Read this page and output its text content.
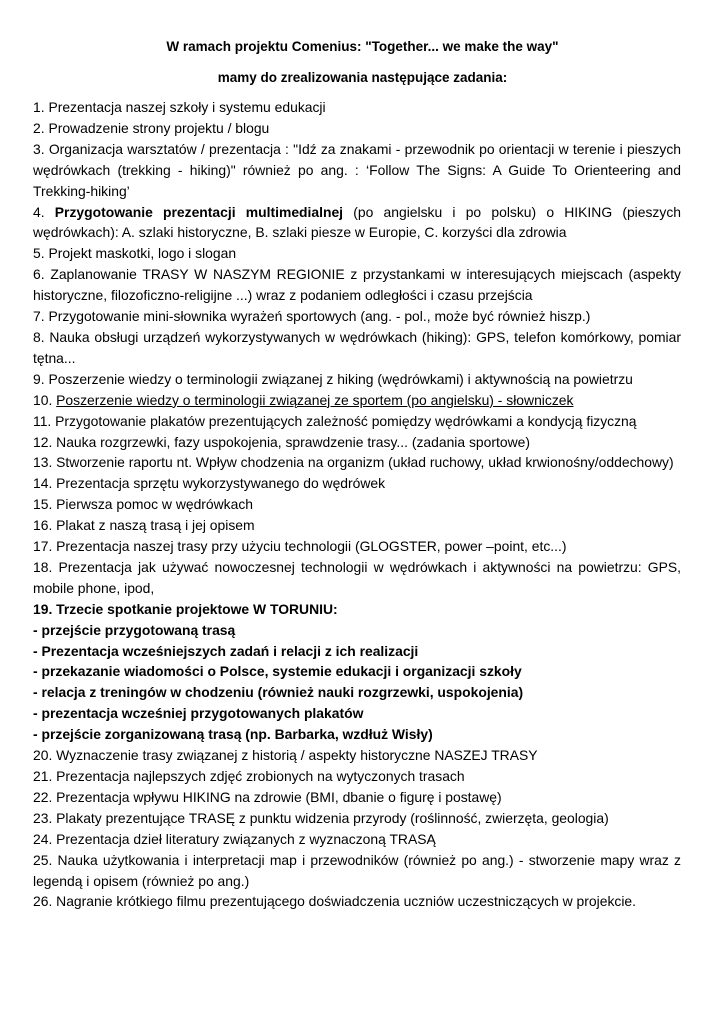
W ramach projektu Comenius: "Together... we make the way"
mamy do zrealizowania następujące zadania:

1. Prezentacja naszej szkoły i systemu edukacji

2. Prowadzenie strony projektu / blogu

3. Organizacja warsztatów / prezentacja : "Idź za znakami - przewodnik po orientacji w terenie i pieszych wędrówkach (trekking - hiking)" również po ang. : ‘Follow The Signs: A Guide To Orienteering and Trekking-hiking’

4. Przygotowanie prezentacji multimedialnej (po angielsku i po polsku) o HIKING (pieszych wędrówkach): A. szlaki historyczne, B. szlaki piesze w Europie, C. korzyści dla zdrowia

5. Projekt maskotki, logo i slogan

6. Zaplanowanie TRASY W NASZYM REGIONIE z przystankami w interesujących miejscach (aspekty historyczne, filozoficzno-religijne ...) wraz z podaniem odległości i czasu przejścia

7. Przygotowanie mini-słownika wyrażeń sportowych (ang. - pol., może być również hiszp.)

8. Nauka obsługi urządzeń wykorzystywanych w wędrówkach (hiking): GPS, telefon komórkowy, pomiar tętna...

9. Poszerzenie wiedzy o terminologii związanej z hiking (wędrówkami) i aktywnością na powietrzu

10. Poszerzenie wiedzy o terminologii związanej ze sportem (po angielsku) - słowniczek

11. Przygotowanie plakatów prezentujących zależność pomiędzy wędrówkami a kondycją fizyczną

12. Nauka rozgrzewki, fazy uspokojenia, sprawdzenie trasy... (zadania sportowe)

13. Stworzenie raportu nt. Wpływ chodzenia na organizm (układ ruchowy, układ krwionośny/oddechowy)

14. Prezentacja sprzętu wykorzystywanego do wędrówek

15. Pierwsza pomoc w wędrówkach

16. Plakat z naszą trasą i jej opisem

17. Prezentacja naszej trasy przy użyciu technologii (GLOGSTER, power –point, etc...)

18. Prezentacja jak używać nowoczesnej technologii w wędrówkach i aktywności na powietrzu: GPS, mobile phone, ipod,

19. Trzecie spotkanie projektowe W TORUNIU:

- przejście przygotowaną trasą

- Prezentacja wcześniejszych zadań i relacji z ich realizacji

- przekazanie wiadomości o Polsce, systemie edukacji i organizacji szkoły

- relacja z treningów w chodzeniu (również nauki rozgrzewki, uspokojenia)

- prezentacja wcześniej przygotowanych plakatów

- przejście zorganizowaną trasą (np. Barbarka, wzdłuż Wisły)

20. Wyznaczenie trasy związanej z historią / aspekty historyczne NASZEJ TRASY

21. Prezentacja najlepszych zdjęć zrobionych na wytyczonych trasach

22. Prezentacja wpływu HIKING na zdrowie (BMI, dbanie o figurę i postawę)

23. Plakaty prezentujące TRASĘ z punktu widzenia przyrody (roślinność, zwierzęta, geologia)

24. Prezentacja dzieł literatury związanych z wyznaczoną TRASĄ

25. Nauka użytkowania i interpretacji map i przewodników (również po ang.) - stworzenie mapy wraz z legendą i opisem (również po ang.)

26. Nagranie krótkiego filmu prezentującego doświadczenia uczniów uczestniczących w projekcie.
